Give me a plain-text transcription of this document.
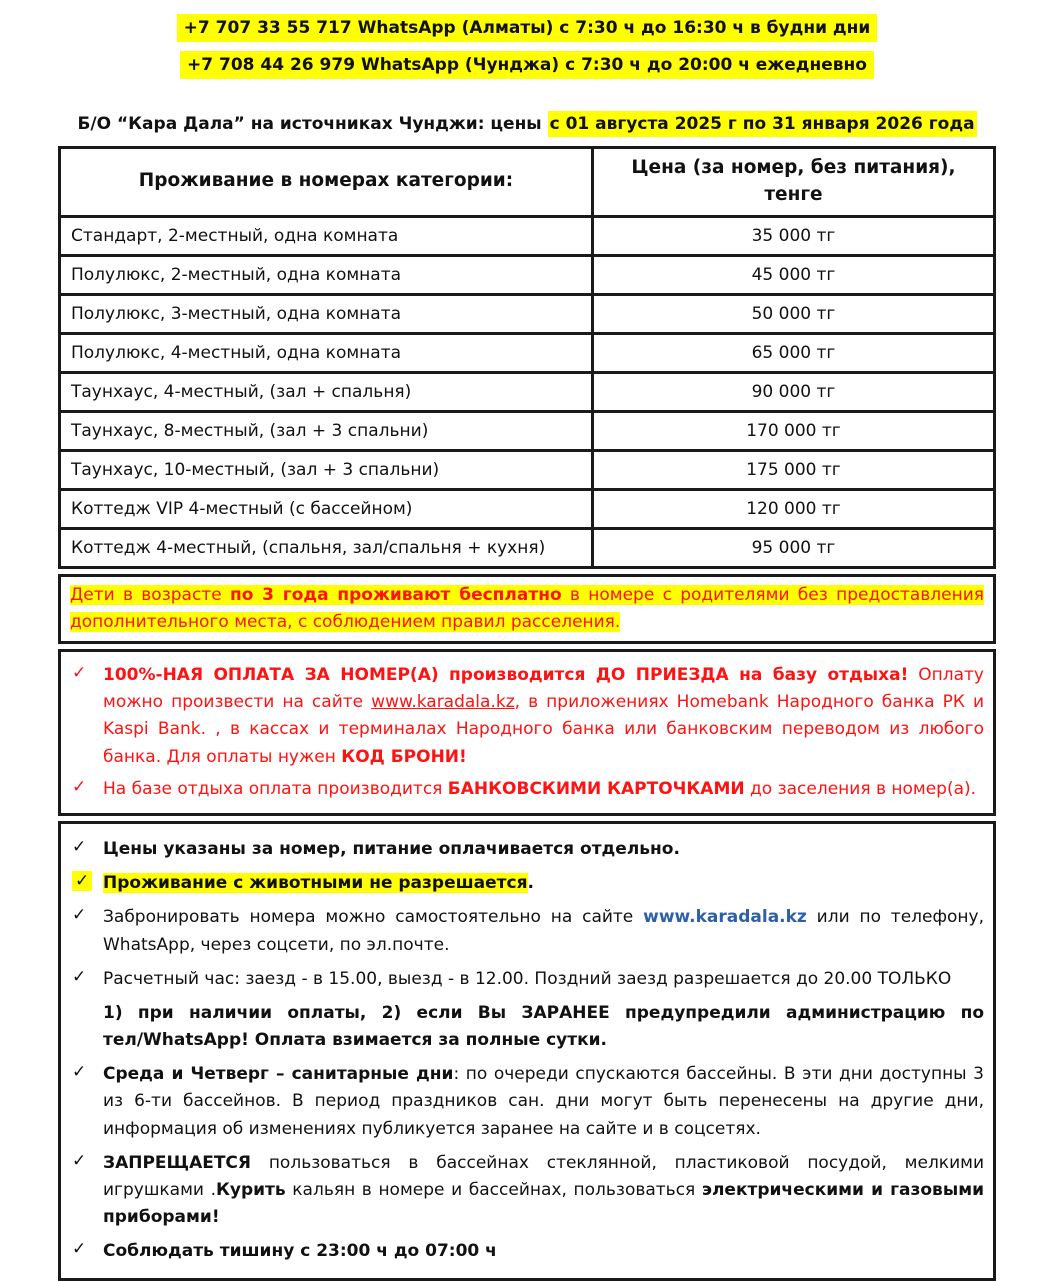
+7 707 33 55 717 WhatsApp (Алматы) с 7:30 ч до 16:30 ч в будни дни
+7 708 44 26 979 WhatsApp (Чунджа) с 7:30 ч до 20:00 ч ежедневно
Б/О “Кара Дала” на источниках Чунджи: цены с 01 августа 2025 г по 31 января 2026 года
Проживание в номерах категории:	Цена (за номер, без питания),
тенге

Стандарт, 2-местный, одна комната	35 000 тг
Полулюкс, 2-местный, одна комната	45 000 тг
Полулюкс, 3-местный, одна комната	50 000 тг
Полулюкс, 4-местный, одна комната	65 000 тг
Таунхаус, 4-местный, (зал + спальня)	90 000 тг
Таунхаус, 8-местный, (зал + 3 спальни)	170 000 тг
Таунхаус, 10-местный, (зал + 3 спальни)	175 000 тг
Коттедж VIP 4-местный (с бассейном)	120 000 тг
Коттедж 4-местный, (спальня, зал/спальня + кухня)	95 000 тг

Дети в возрасте по 3 года проживают бесплатно в номере с родителями без предоставления дополнительного места, с соблюдением правил расселения.

✓ 100%-НАЯ ОПЛАТА ЗА НОМЕР(А) производится ДО ПРИЕЗДА на базу отдыха! Оплату можно произвести на сайте www.karadala.kz, в приложениях Homebank Народного банка РК и Kaspi Bank. , в кассах и терминалах Народного банка или банковским переводом из любого банка. Для оплаты нужен КОД БРОНИ!

✓ На базе отдыха оплата производится БАНКОВСКИМИ КАРТОЧКАМИ до заселения в номер(а).

✓ Цены указаны за номер, питание оплачивается отдельно.

✓ Проживание с животными не разрешается.

✓ Забронировать номера можно самостоятельно на сайте www.karadala.kz или по телефону, WhatsApp, через соцсети, по эл.почте.

✓ Расчетный час: заезд - в 15.00, выезд - в 12.00. Поздний заезд разрешается до 20.00 ТОЛЬКО

1) при наличии оплаты, 2) если Вы ЗАРАНЕЕ предупредили администрацию по тел/WhatsApp! Оплата взимается за полные сутки.

✓ Среда и Четверг – санитарные дни: по очереди спускаются бассейны. В эти дни доступны 3 из 6-ти бассейнов. В период праздников сан. дни могут быть перенесены на другие дни, информация об изменениях публикуется заранее на сайте и в соцсетях.

✓ ЗАПРЕЩАЕТСЯ пользоваться в бассейнах стеклянной, пластиковой посудой, мелкими игрушками .Курить кальян в номере и бассейнах, пользоваться электрическими и газовыми приборами!

✓ Соблюдать тишину с 23:00 ч до 07:00 ч
